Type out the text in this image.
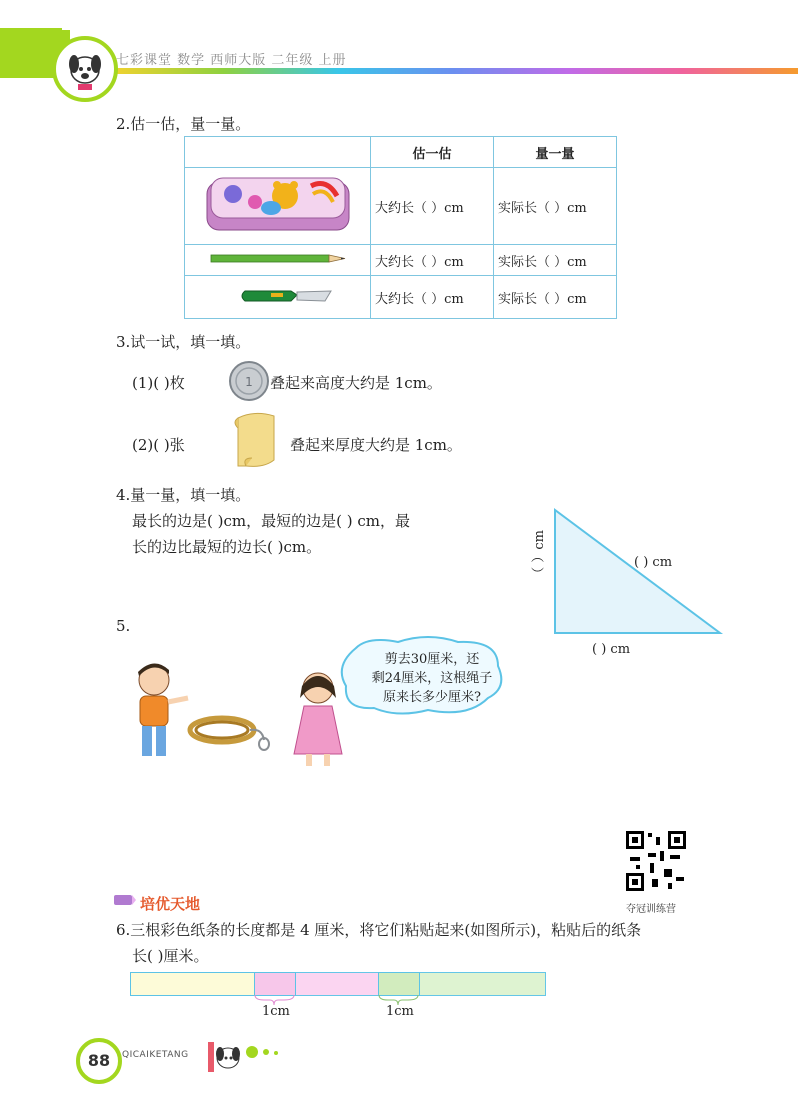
七彩课堂 数学 西师大版 二年级 上册
2.估一估，量一量。
	估一估	量一量
	大约长（ ）cm	实际长（ ）cm
	大约长（ ）cm	实际长（ ）cm
	大约长（ ）cm	实际长（ ）cm
3.试一试，填一填。
(1)( )枚	1 叠起来高度大约是 1cm。
(2)( )张	叠起来厚度大约是 1cm。
4.量一量，填一填。
最长的边是( )cm，最短的边是( ) cm，最
长的边比最短的边长( )cm。	（ ）cm	( ) cm
( ) cm
5.
剪去30厘米，还
剩24厘米，这根绳子
原来长多少厘米?
夺冠训练营
培优天地
6.三根彩色纸条的长度都是 4 厘米，将它们粘贴起来(如图所示)，粘贴后的纸条
长( )厘米。
1cm	1cm
88	QICAIKETANG
